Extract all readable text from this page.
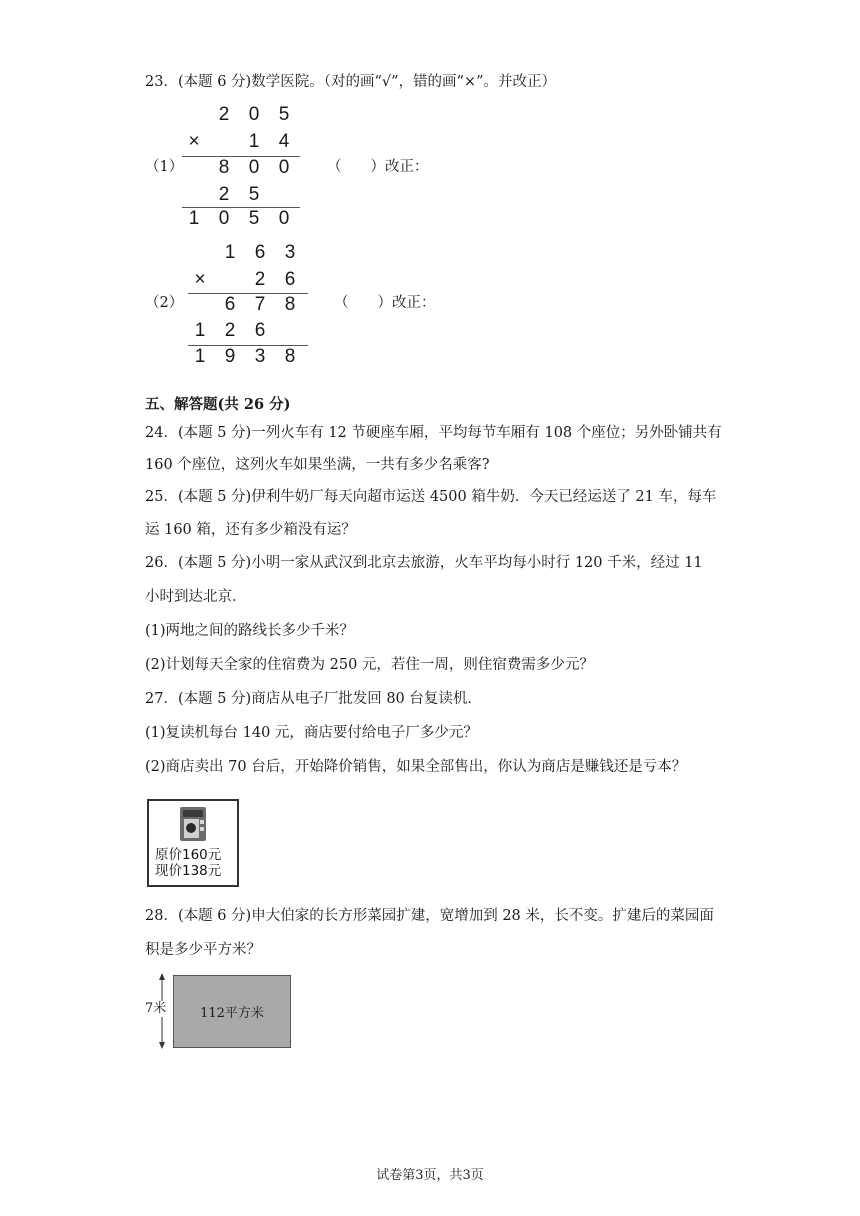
23．(本题 6 分)数学医院。（对的画“√”，错的画“×”。并改正）
（1）
2 0 5
×	1 4
8 0 0
2 5
1 0 5 0
（　　）改正：
（2）
1 6 3
×	2 6
6 7 8
1 2 6
1 9 3 8
（　　）改正：
五、解答题(共 26 分)
24．(本题 5 分)一列火车有 12 节硬座车厢，平均每节车厢有 108 个座位；另外卧铺共有
160 个座位，这列火车如果坐满，一共有多少名乘客?
25．(本题 5 分)伊利牛奶厂每天向超市运送 4500 箱牛奶．今天已经运送了 21 车，每车
运 160 箱，还有多少箱没有运？
26．(本题 5 分)小明一家从武汉到北京去旅游，火车平均每小时行 120 千米，经过 11
小时到达北京．
(1)两地之间的路线长多少千米？
(2)计划每天全家的住宿费为 250 元，若住一周，则住宿费需多少元？
27．(本题 5 分)商店从电子厂批发回 80 台复读机．
(1)复读机每台 140 元，商店要付给电子厂多少元？
(2)商店卖出 70 台后，开始降价销售，如果全部售出，你认为商店是赚钱还是亏本？
原价160元
现价138元
28．(本题 6 分)申大伯家的长方形菜园扩建，宽增加到 28 米，长不变。扩建后的菜园面
积是多少平方米？
7米	112平方米
试卷第3页，共3页
